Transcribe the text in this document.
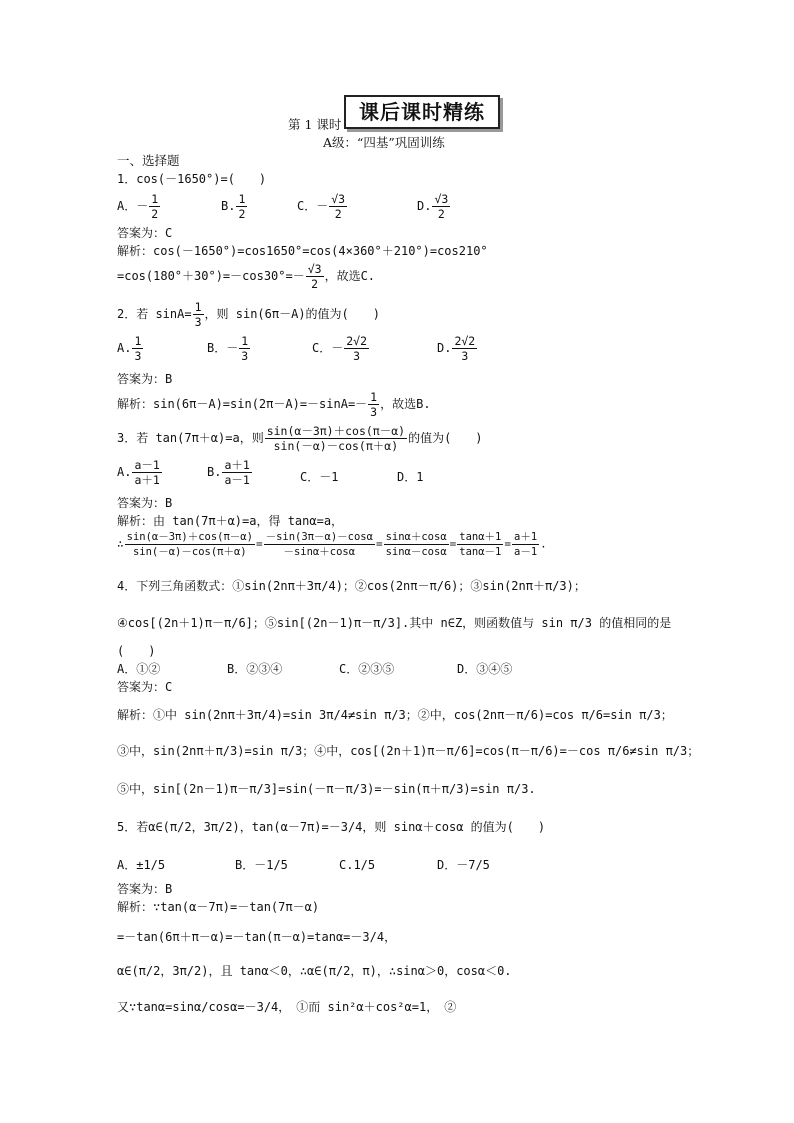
第 1 课时
课后课时精练
A级：“四基”巩固训练
一、选择题
1．cos(－1650°)=(　　)
A．－ $\frac{1}{2}$	B. $\frac{1}{2}$	C．－ $\frac{√3}{2}$	D. $\frac{√3}{2}$
答案为：C
解析：cos(－1650°)=cos1650°=cos(4×360°＋210°)=cos210°
$=\cos(180^\circ+30^\circ)=-\cos 30^\circ=- \frac{√3}{2}$ ，故选C.
2．若 $\sin A= \frac{1}{3}$ ，则 sin(6π－A)的值为(　　)
A. $\frac{1}{3}$	B．－ $\frac{1}{3}$	C．－ $\frac{2√2}{3}$	D. $\frac{2√2}{3}$
答案为：B
解析：$\sin(6\pi-A)=\sin(2\pi-A)=-\sin A=- \frac{1}{3}$ ，故选B.
3．若 tan(7π＋α)=a，则 $\frac{\sin(\alpha-3\pi)+\cos(\pi-\alpha)}{\sin(-\alpha)-\cos(\pi+\alpha)}$ 的值为(　　)
A. $\frac{a-1}{a+1}$	B. $\frac{a+1}{a-1}$	C．－1	D．1
答案为：B
解析：由 tan(7π＋α)=a，得 tanα=a，
∴ $\frac{\sin(\alpha-3\pi)+\cos(\pi-\alpha)}{\sin(-\alpha)-\cos(\pi+\alpha)} = \frac{-\sin(3\pi-\alpha)-\cos\alpha}{-\sin\alpha+\cos\alpha} = \frac{\sin\alpha+\cos\alpha}{\sin\alpha-\cos\alpha} = \frac{\tan\alpha+1}{\tan\alpha-1} = \frac{a+1}{a-1}$ .
4．下列三角函数式：①sin(2nπ＋3π/4)；②cos(2nπ－π/6)；③sin(2nπ＋π/3)；
④cos[(2n＋1)π－π/6]；⑤sin[(2n－1)π－π/3].其中 n∈Z，则函数值与 sin π/3 的值相同的是
(　　)
A．①②	B．②③④	C．②③⑤	D．③④⑤
答案为：C
解析：①中 sin(2nπ＋3π/4)=sin 3π/4≠sin π/3；②中，cos(2nπ－π/6)=cos π/6=sin π/3；
③中，sin(2nπ＋π/3)=sin π/3；④中，cos[(2n＋1)π－π/6]=cos(π－π/6)=－cos π/6≠sin π/3；
⑤中，sin[(2n－1)π－π/3]=sin(－π－π/3)=－sin(π＋π/3)=sin π/3.
5．若α∈(π/2，3π/2)，tan(α－7π)=－3/4，则 sinα＋cosα 的值为(　　)
A．±1/5	B．－1/5	C.1/5	D．－7/5
答案为：B
解析：∵tan(α－7π)=－tan(7π－α)
=－tan(6π＋π－α)=－tan(π－α)=tanα=－3/4，
α∈(π/2，3π/2)，且 tanα＜0，∴α∈(π/2，π)，∴sinα＞0，cosα＜0.
又∵tanα=sinα/cosα=－3/4，　①而 sin²α＋cos²α=1，　②
